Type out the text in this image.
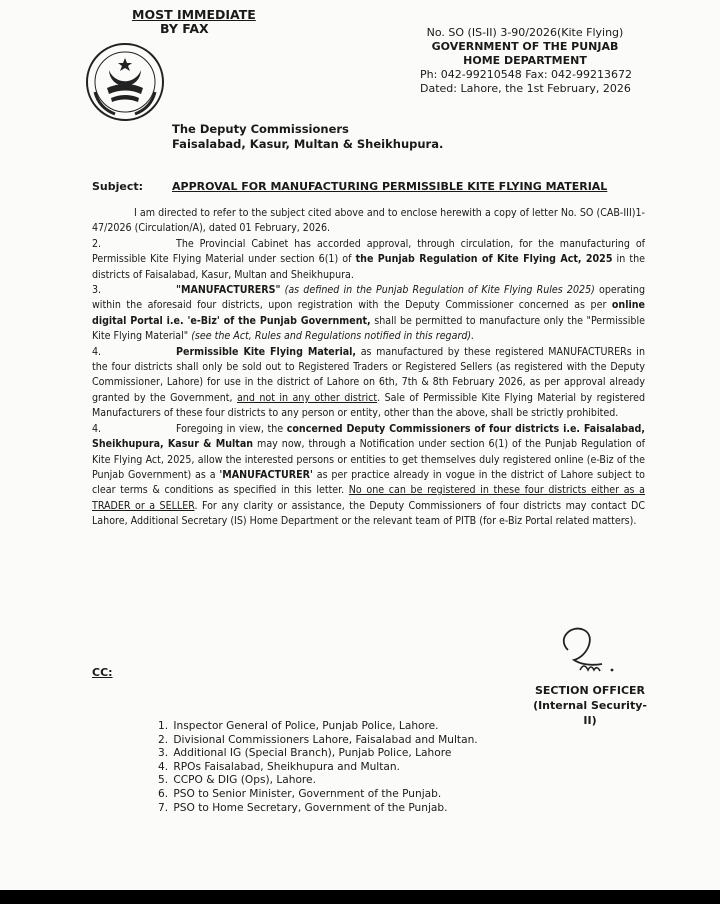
MOST IMMEDIATE
BY FAX	No. SO (IS-II) 3-90/2026(Kite Flying)
GOVERNMENT OF THE PUNJAB
HOME DEPARTMENT
Ph: 042-99210548 Fax: 042-99213672
Dated: Lahore, the 1st February, 2026
The Deputy Commissioners
Faisalabad, Kasur, Multan & Sheikhupura.
Subject:	APPROVAL FOR MANUFACTURING PERMISSIBLE KITE FLYING MATERIAL

I am directed to refer to the subject cited above and to enclose herewith a copy of letter No. SO (CAB-III)1-47/2026 (Circulation/A), dated 01 February, 2026.

2.	The Provincial Cabinet has accorded approval, through circulation, for the manufacturing of Permissible Kite Flying Material under section 6(1) of the Punjab Regulation of Kite Flying Act, 2025 in the districts of Faisalabad, Kasur, Multan and Sheikhupura.

3.	"MANUFACTURERS" (as defined in the Punjab Regulation of Kite Flying Rules 2025) operating within the aforesaid four districts, upon registration with the Deputy Commissioner concerned as per online digital Portal i.e. 'e-Biz' of the Punjab Government, shall be permitted to manufacture only the "Permissible Kite Flying Material" (see the Act, Rules and Regulations notified in this regard).

4.	Permissible Kite Flying Material, as manufactured by these registered MANUFACTURERs in the four districts shall only be sold out to Registered Traders or Registered Sellers (as registered with the Deputy Commissioner, Lahore) for use in the district of Lahore on 6th, 7th & 8th February 2026, as per approval already granted by the Government, and not in any other district. Sale of Permissible Kite Flying Material by registered Manufacturers of these four districts to any person or entity, other than the above, shall be strictly prohibited.

4.	Foregoing in view, the concerned Deputy Commissioners of four districts i.e. Faisalabad, Sheikhupura, Kasur & Multan may now, through a Notification under section 6(1) of the Punjab Regulation of Kite Flying Act, 2025, allow the interested persons or entities to get themselves duly registered online (e-Biz of the Punjab Government) as a 'MANUFACTURER' as per practice already in vogue in the district of Lahore subject to clear terms & conditions as specified in this letter. No one can be registered in these four districts either as a TRADER or a SELLER. For any clarity or assistance, the Deputy Commissioners of four districts may contact DC Lahore, Additional Secretary (IS) Home Department or the relevant team of PITB (for e-Biz Portal related matters).

CC:
SECTION OFFICER
(Internal Security-II)
1. Inspector General of Police, Punjab Police, Lahore.
2. Divisional Commissioners Lahore, Faisalabad and Multan.
3. Additional IG (Special Branch), Punjab Police, Lahore
4. RPOs Faisalabad, Sheikhupura and Multan.
5. CCPO & DIG (Ops), Lahore.
6. PSO to Senior Minister, Government of the Punjab.
7. PSO to Home Secretary, Government of the Punjab.
